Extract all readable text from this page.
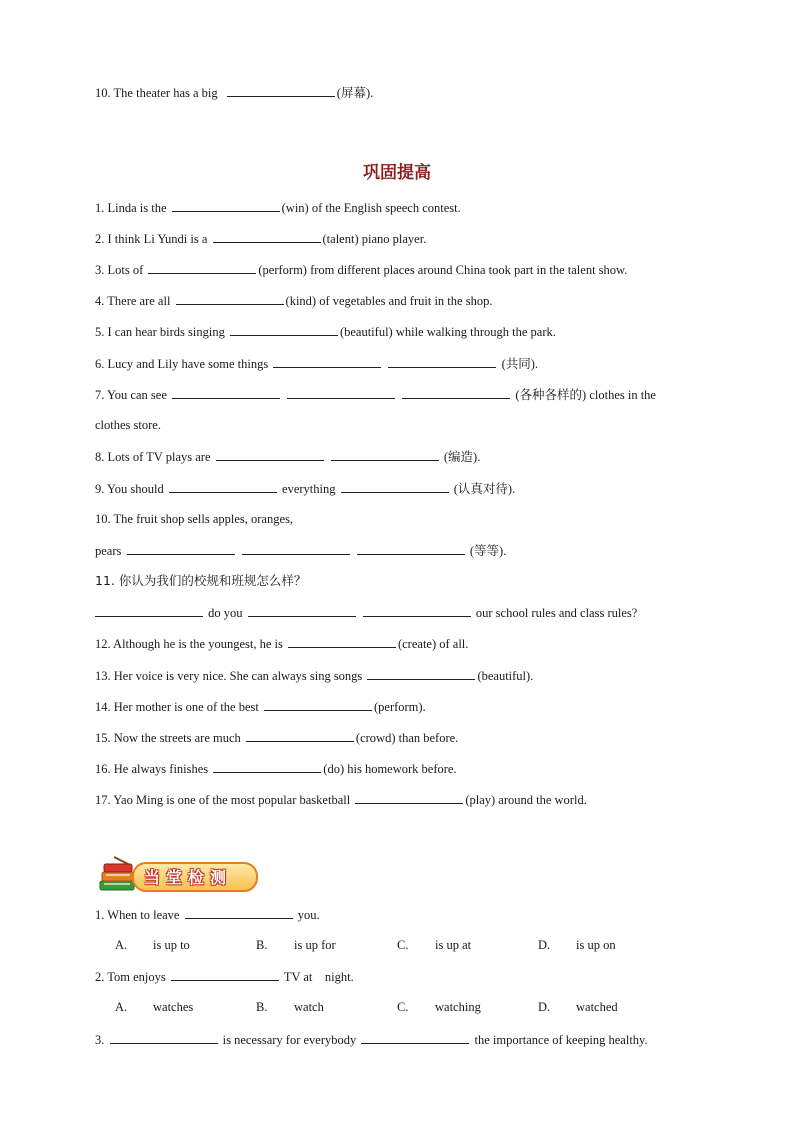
10. The theater has a big	(屏幕).
巩固提高
1. Linda is the	(win) of the English speech contest.
2. I think Li Yundi is a	(talent) piano player.
3. Lots of	(perform) from different places around China took part in the talent show.
4. There are all	(kind) of vegetables and fruit in the shop.
5. I can hear birds singing	(beautiful) while walking through the park.
6. Lucy and Lily have some things	(共同).
7. You can see	(各种各样的) clothes in the
clothes store.
8. Lots of TV plays are	(编造).
9. You should	everything	(认真对待).
10. The fruit shop sells apples, oranges,
pears	(等等).
11. 你认为我们的校规和班规怎么样？
do you	our school rules and class rules?
12. Although he is the youngest, he is	(create) of all.
13. Her voice is very nice. She can always sing songs	(beautiful).
14. Her mother is one of the best	(perform).
15. Now the streets are much	(crowd) than before.
16. He always finishes	(do) his homework before.
17. Yao Ming is one of the most popular basketball	(play) around the world.
当堂检测
1. When to leave	you.
A. is up to	B. is up for	C. is up at	D. is up on
2. Tom enjoys	TV at    night.
A. watches	B. watch	C. watching	D. watched
3.	is necessary for everybody	the importance of keeping healthy.
